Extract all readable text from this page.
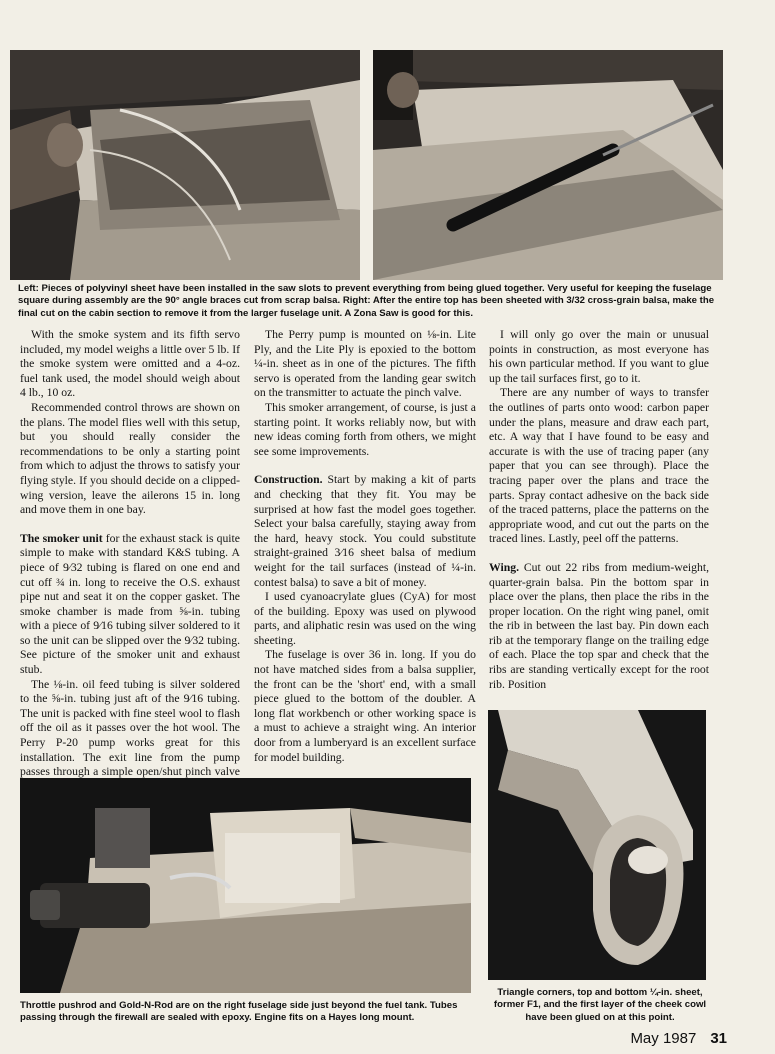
Left: Pieces of polyvinyl sheet have been installed in the saw slots to prevent everything from being glued together. Very useful for keeping the fuselage square during assembly are the 90° angle braces cut from scrap balsa. Right: After the entire top has been sheeted with 3/32 cross-grain balsa, make the final cut on the cabin section to remove it from the larger fuselage unit. A Zona Saw is good for this.

With the smoke system and its fifth servo included, my model weighs a little over 5 lb. If the smoke system were omitted and a 4-oz. fuel tank used, the model should weigh about 4 lb., 10 oz.

Recommended control throws are shown on the plans. The model flies well with this setup, but you should really consider the recommendations to be only a starting point from which to adjust the throws to satisfy your flying style. If you should decide on a clipped-wing version, leave the ailerons 15 in. long and move them in one bay.

The smoker unit for the exhaust stack is quite simple to make with standard K&S tubing. A piece of 9⁄32 tubing is flared on one end and cut off ¾ in. long to receive the O.S. exhaust pipe nut and seat it on the copper gasket. The smoke chamber is made from ⅝-in. tubing with a piece of 9⁄16 tubing silver soldered to it so the unit can be slipped over the 9⁄32 tubing. See picture of the smoker unit and exhaust stub.

The ⅛-in. oil feed tubing is silver soldered to the ⅝-in. tubing just aft of the 9⁄16 tubing. The unit is packed with fine steel wool to flash off the oil as it passes over the hot wool. The Perry P-20 pump works great for this installation. The exit line from the pump passes through a simple open/shut pinch valve

The Perry pump is mounted on ⅛-in. Lite Ply, and the Lite Ply is epoxied to the bottom ¼-in. sheet as in one of the pictures. The fifth servo is operated from the landing gear switch on the transmitter to actuate the pinch valve.

This smoker arrangement, of course, is just a starting point. It works reliably now, but with new ideas coming forth from others, we might see some improvements.

Construction. Start by making a kit of parts and checking that they fit. You may be surprised at how fast the model goes together. Select your balsa carefully, staying away from the hard, heavy stock. You could substitute straight-grained 3⁄16 sheet balsa of medium weight for the tail surfaces (instead of ¼-in. contest balsa) to save a bit of money.

I used cyanoacrylate glues (CyA) for most of the building. Epoxy was used on plywood parts, and aliphatic resin was used on the wing sheeting.

The fuselage is over 36 in. long. If you do not have matched sides from a balsa supplier, the front can be the 'short' end, with a small piece glued to the bottom of the doubler. A long flat workbench or other working space is a must to achieve a straight wing. An interior door from a lumberyard is an excellent surface for model building.

I will only go over the main or unusual points in construction, as most everyone has his own particular method. If you want to glue up the tail surfaces first, go to it.

There are any number of ways to transfer the outlines of parts onto wood: carbon paper under the plans, measure and draw each part, etc. A way that I have found to be easy and accurate is with the use of tracing paper (any paper that you can see through). Place the tracing paper over the plans and trace the parts. Spray contact adhesive on the back side of the traced patterns, place the patterns on the appropriate wood, and cut out the parts on the traced lines. Lastly, peel off the patterns.

Wing. Cut out 22 ribs from medium-weight, quarter-grain balsa. Pin the bottom spar in place over the plans, then place the ribs in the proper location. On the right wing panel, omit the rib in between the last bay. Pin down each rib at the temporary flange on the trailing edge of each. Place the top spar and check that the ribs are standing vertically except for the root rib. Position

Throttle pushrod and Gold-N-Rod are on the right fuselage side just beyond the fuel tank. Tubes passing through the firewall are sealed with epoxy. Engine fits on a Hayes long mount.
Triangle corners, top and bottom ¼-in. sheet, former F1, and the first layer of the cheek cowl have been glued on at this point.
May 1987 31
